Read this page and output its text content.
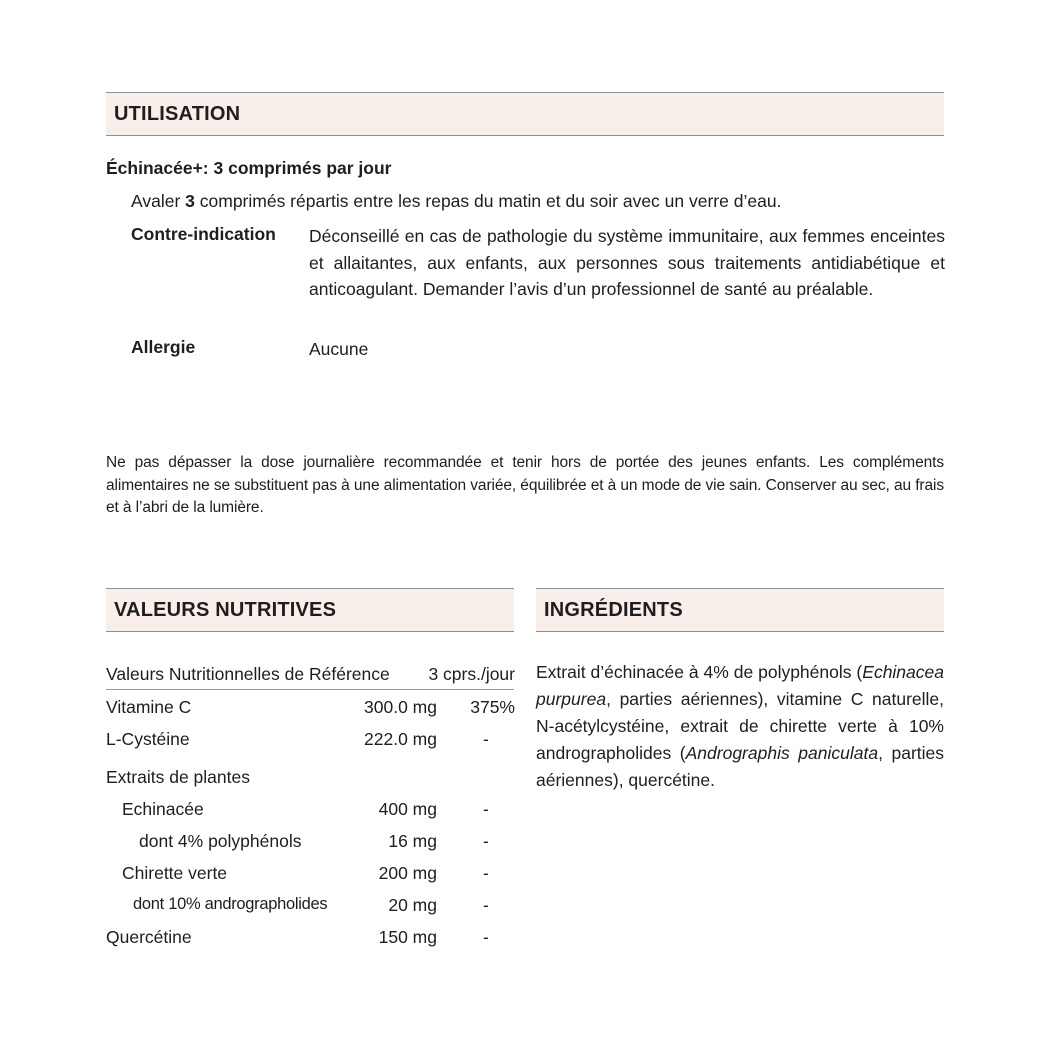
UTILISATION
Échinacée+: 3 comprimés par jour
Avaler 3 comprimés répartis entre les repas du matin et du soir avec un verre d’eau.
Contre-indication Déconseillé en cas de pathologie du système immunitaire, aux femmes enceintes et allaitantes, aux enfants, aux personnes sous traitements antidiabétique et anticoagulant. Demander l’avis d’un professionnel de santé au préalable.
Allergie	Aucune
Ne pas dépasser la dose journalière recommandée et tenir hors de portée des jeunes enfants. Les compléments alimentaires ne se substituent pas à une alimentation variée, équilibrée et à un mode de vie sain. Conserver au sec, au frais et à l’abri de la lumière.
VALEURS NUTRITIVES
Valeurs Nutritionnelles de Référence	3 cprs./jour
Vitamine C	300.0 mg	375%
L-Cystéine	222.0 mg	-
Extraits de plantes
Echinacée	400 mg	-
dont 4% polyphénols	16 mg	-
Chirette verte	200 mg	-
dont 10% andrographolides	20 mg	-
Quercétine	150 mg	-
INGRÉDIENTS
Extrait d’échinacée à 4% de polyphénols (Echinacea purpurea, parties aériennes), vitamine C naturelle, N-acétylcystéine, extrait de chirette verte à 10% andrographolides (Andrographis paniculata, parties aériennes), quercétine.
